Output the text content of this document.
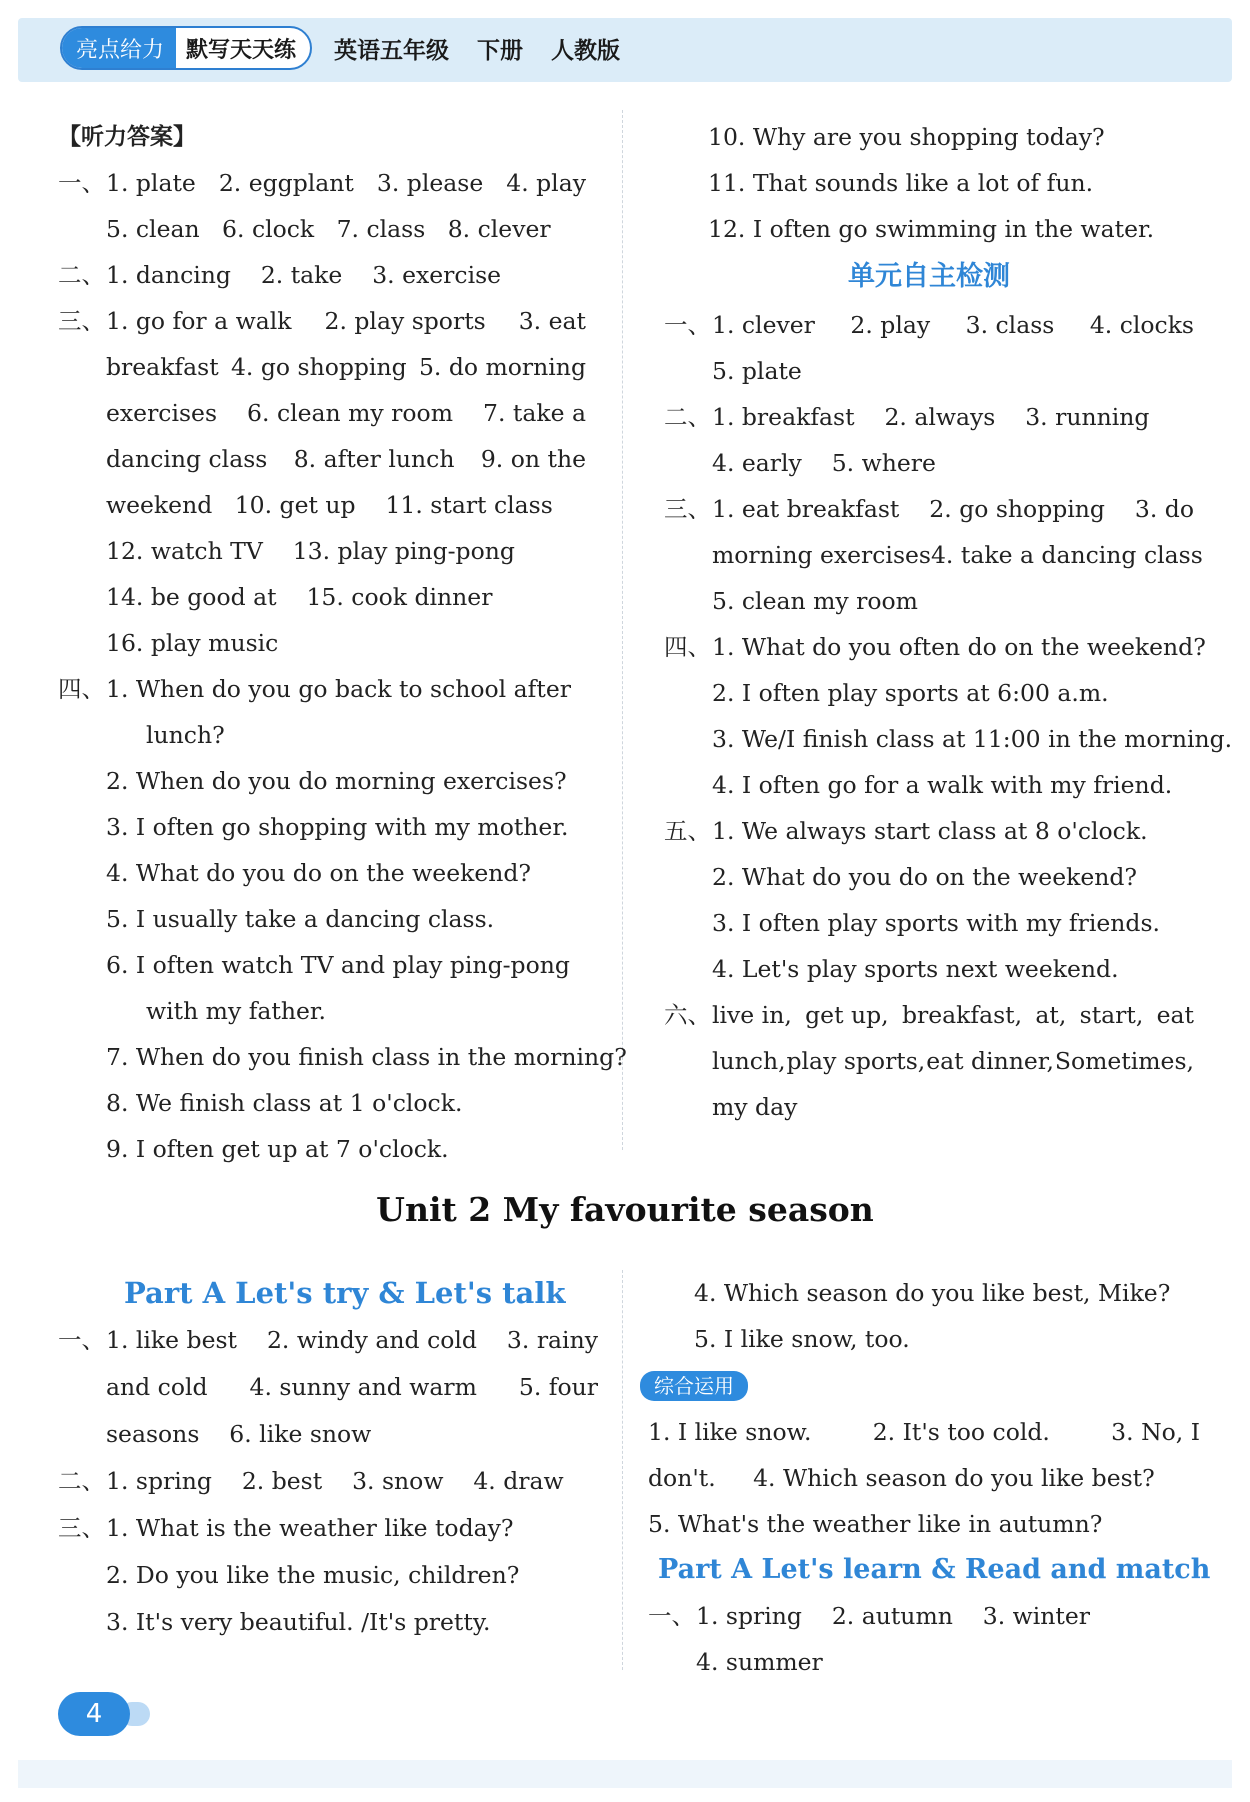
亮点给力	默写天天练	英语五年级 下册 人教版
【听力答案】
一、1. plate 2. eggplant 3. please 4. play
5. clean 6. clock 7. class 8. clever
二、1. dancing 2. take 3. exercise
三、1. go for a walk 2. play sports 3. eat
breakfast 4. go shopping 5. do morning
exercises 6. clean my room 7. take a
dancing class 8. after lunch 9. on the
weekend 10. get up 11. start class
12. watch TV 13. play ping-pong
14. be good at 15. cook dinner
16. play music
四、1. When do you go back to school after
lunch?
2. When do you do morning exercises?
3. I often go shopping with my mother.
4. What do you do on the weekend?
5. I usually take a dancing class.
6. I often watch TV and play ping-pong
with my father.
7. When do you finish class in the morning?
8. We finish class at 1 o'clock.
9. I often get up at 7 o'clock.
10. Why are you shopping today?
11. That sounds like a lot of fun.
12. I often go swimming in the water.
单元自主检测
一、1. clever 2. play 3. class 4. clocks
5. plate
二、1. breakfast 2. always 3. running
4. early 5. where
三、1. eat breakfast 2. go shopping 3. do
morning exercises 4. take a dancing class
5. clean my room
四、1. What do you often do on the weekend?
2. I often play sports at 6:00 a.m.
3. We/I finish class at 11:00 in the morning.
4. I often go for a walk with my friend.
五、1. We always start class at 8 o'clock.
2. What do you do on the weekend?
3. I often play sports with my friends.
4. Let's play sports next weekend.
六、live in, get up, breakfast, at, start, eat
lunch, play sports, eat dinner, Sometimes,
my day
Unit 2 My favourite season
Part A Let's try & Let's talk
一、1. like best 2. windy and cold 3. rainy
and cold 4. sunny and warm 5. four
seasons 6. like snow
二、1. spring 2. best 3. snow 4. draw
三、1. What is the weather like today?
2. Do you like the music, children?
3. It's very beautiful. /It's pretty.
4. Which season do you like best, Mike?
5. I like snow, too.
综合运用
1. I like snow.	2. It's too cold.	3. No, I
don't. 4. Which season do you like best?
5. What's the weather like in autumn?
Part A Let's learn & Read and match
一、1. spring 2. autumn 3. winter
4. summer
4
